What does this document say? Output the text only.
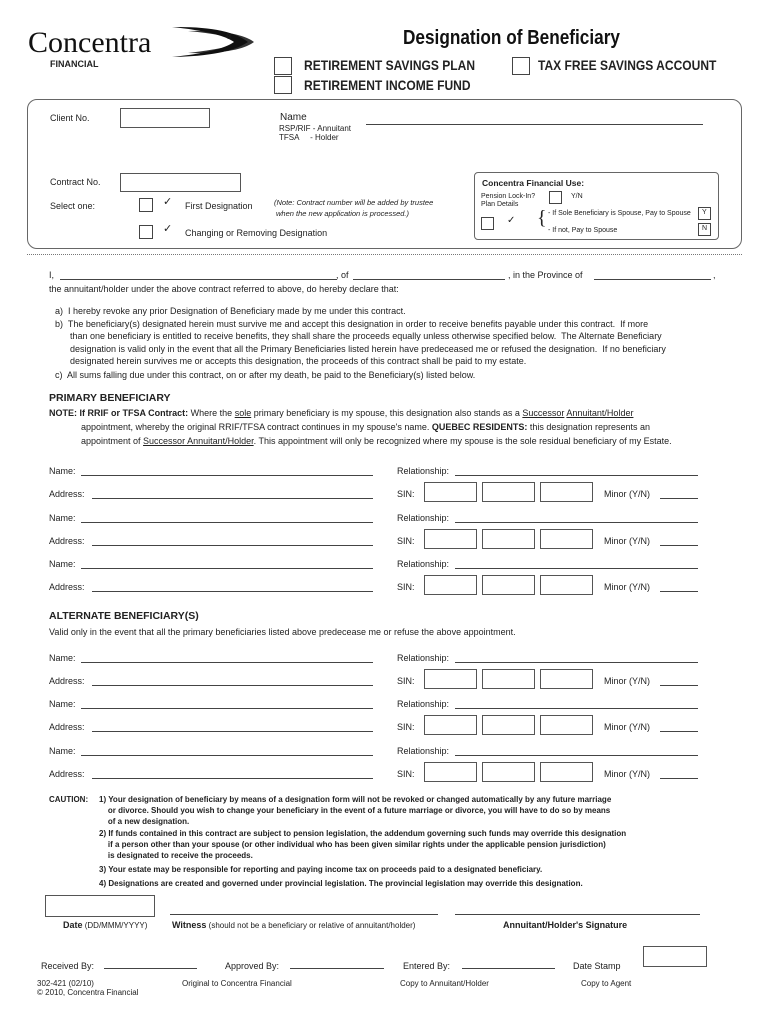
Concentra	®
FINANCIAL
Designation of Beneficiary
RETIREMENT SAVINGS PLAN
RETIREMENT INCOME FUND
TAX FREE SAVINGS ACCOUNT
Client No.	Name
RSP/RIF - Annuitant
TFSA     - Holder
Contract No.
Select one:	✓ First Designation	(Note: Contract number will be added by trustee
when the new application is processed.)
✓ Changing or Removing Designation
Concentra Financial Use:
Pension Lock-In?
Plan Details
Y/N
✓ { - If Sole Beneficiary is Spouse, Pay to Spouse
- If not, Pay to Spouse
Y
N
I,	, of	, in the Province of	,
the annuitant/holder under the above contract referred to above, do hereby declare that:
a)  I hereby revoke any prior Designation of Beneficiary made by me under this contract.
b)  The beneficiary(s) designated herein must survive me and accept this designation in order to receive benefits payable under this contract.  If more
than one beneficiary is entitled to receive benefits, they shall share the proceeds equally unless otherwise specified below.  The Alternate Beneficiary
designation is valid only in the event that all the Primary Beneficiaries listed herein have predeceased me or refused the designation.  If no beneficiary
designated herein survives me or accepts this designation, the proceeds of this contract shall be paid to my estate.
c)  All sums falling due under this contract, on or after my death, be paid to the Beneficiary(s) listed below.
PRIMARY BENEFICIARY
NOTE: If RRIF or TFSA Contract: Where the sole primary beneficiary is my spouse, this designation also stands as a Successor Annuitant/Holder
appointment, whereby the original RRIF/TFSA contract continues in my spouse's name. QUEBEC RESIDENTS: this designation represents an
appointment of Successor Annuitant/Holder. This appointment will only be recognized where my spouse is the sole residual beneficiary of my Estate.
Name:	Relationship:
Address:	SIN:	Minor (Y/N)
Name:	Relationship:
Address:	SIN:	Minor (Y/N)
Name:	Relationship:
Address:	SIN:	Minor (Y/N)
ALTERNATE BENEFICIARY(S)
Valid only in the event that all the primary beneficiaries listed above predecease me or refuse the above appointment.
Name:	Relationship:
Address:	SIN:	Minor (Y/N)
Name:	Relationship:
Address:	SIN:	Minor (Y/N)
Name:	Relationship:
Address:	SIN:	Minor (Y/N)
CAUTION: 1) Your designation of beneficiary by means of a designation form will not be revoked or changed automatically by any future marriage
or divorce. Should you wish to change your beneficiary in the event of a future marriage or divorce, you will have to do so by means
of a new designation.
2) If funds contained in this contract are subject to pension legislation, the addendum governing such funds may override this designation
if a person other than your spouse (or other individual who has been given similar rights under the applicable pension jurisdiction)
is designated to receive the proceeds.
3) Your estate may be responsible for reporting and paying income tax on proceeds paid to a designated beneficiary.
4) Designations are created and governed under provincial legislation. The provincial legislation may override this designation.
Date (DD/MMM/YYYY)	Witness (should not be a beneficiary or relative of annuitant/holder)	Annuitant/Holder's Signature
Received By:	Approved By:	Entered By:	Date Stamp
302-421 (02/10)
© 2010, Concentra Financial
Original to Concentra Financial	Copy to Annuitant/Holder	Copy to Agent
